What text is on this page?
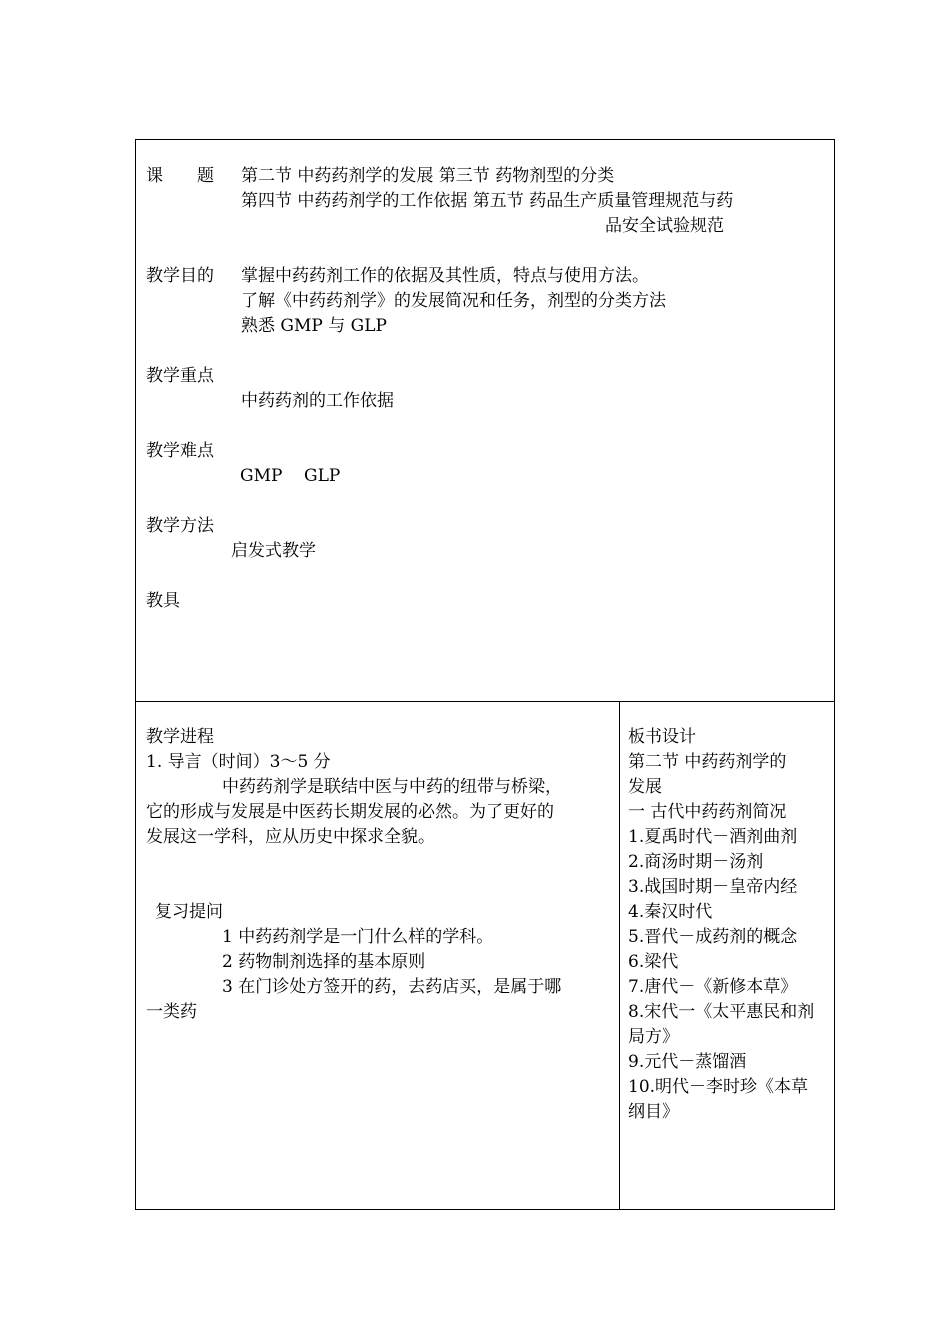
课　　题 第二节 中药药剂学的发展 第三节 药物剂型的分类
第四节 中药药剂学的工作依据 第五节 药品生产质量管理规范与药
品安全试验规范
教学目的 掌握中药药剂工作的依据及其性质，特点与使用方法。
了解《中药药剂学》的发展简况和任务，剂型的分类方法
熟悉 GMP 与 GLP
教学重点
中药药剂的工作依据
教学难点
GMP    GLP
教学方法
启发式教学
教具
教学进程
1. 导言（时间）3～5 分
中药药剂学是联结中医与中药的纽带与桥梁，
它的形成与发展是中医药长期发展的必然。为了更好的
发展这一学科，应从历史中探求全貌。
复习提问
1 中药药剂学是一门什么样的学科。
2 药物制剂选择的基本原则
3 在门诊处方签开的药，去药店买，是属于哪
一类药
板书设计
第二节 中药药剂学的
发展
一 古代中药药剂简况
1.夏禹时代－酒剂曲剂
2.商汤时期－汤剂
3.战国时期－皇帝内经
4.秦汉时代
5.晋代－成药剂的概念
6.梁代
7.唐代－《新修本草》
8.宋代一《太平惠民和剂
局方》
9.元代－蒸馏酒
10.明代－李时珍《本草
纲目》
